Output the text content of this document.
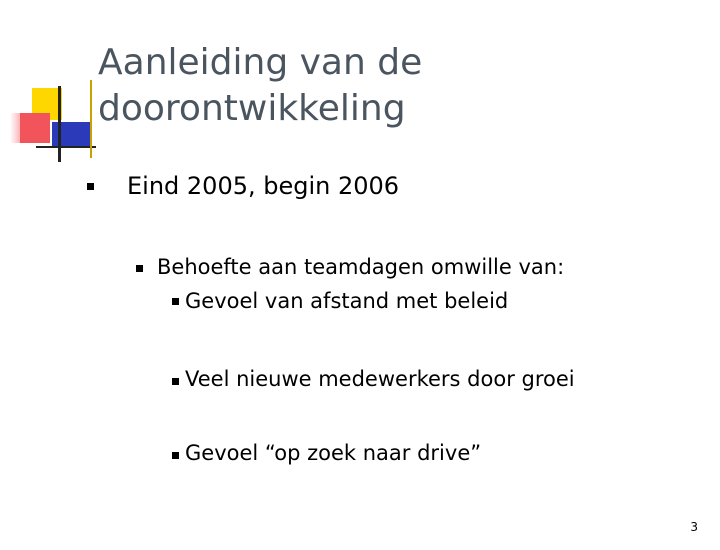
Aanleiding van de
doorontwikkeling
Eind 2005, begin 2006
Behoefte aan teamdagen omwille van:
Gevoel van afstand met beleid
Veel nieuwe medewerkers door groei
Gevoel “op zoek naar drive”
3
